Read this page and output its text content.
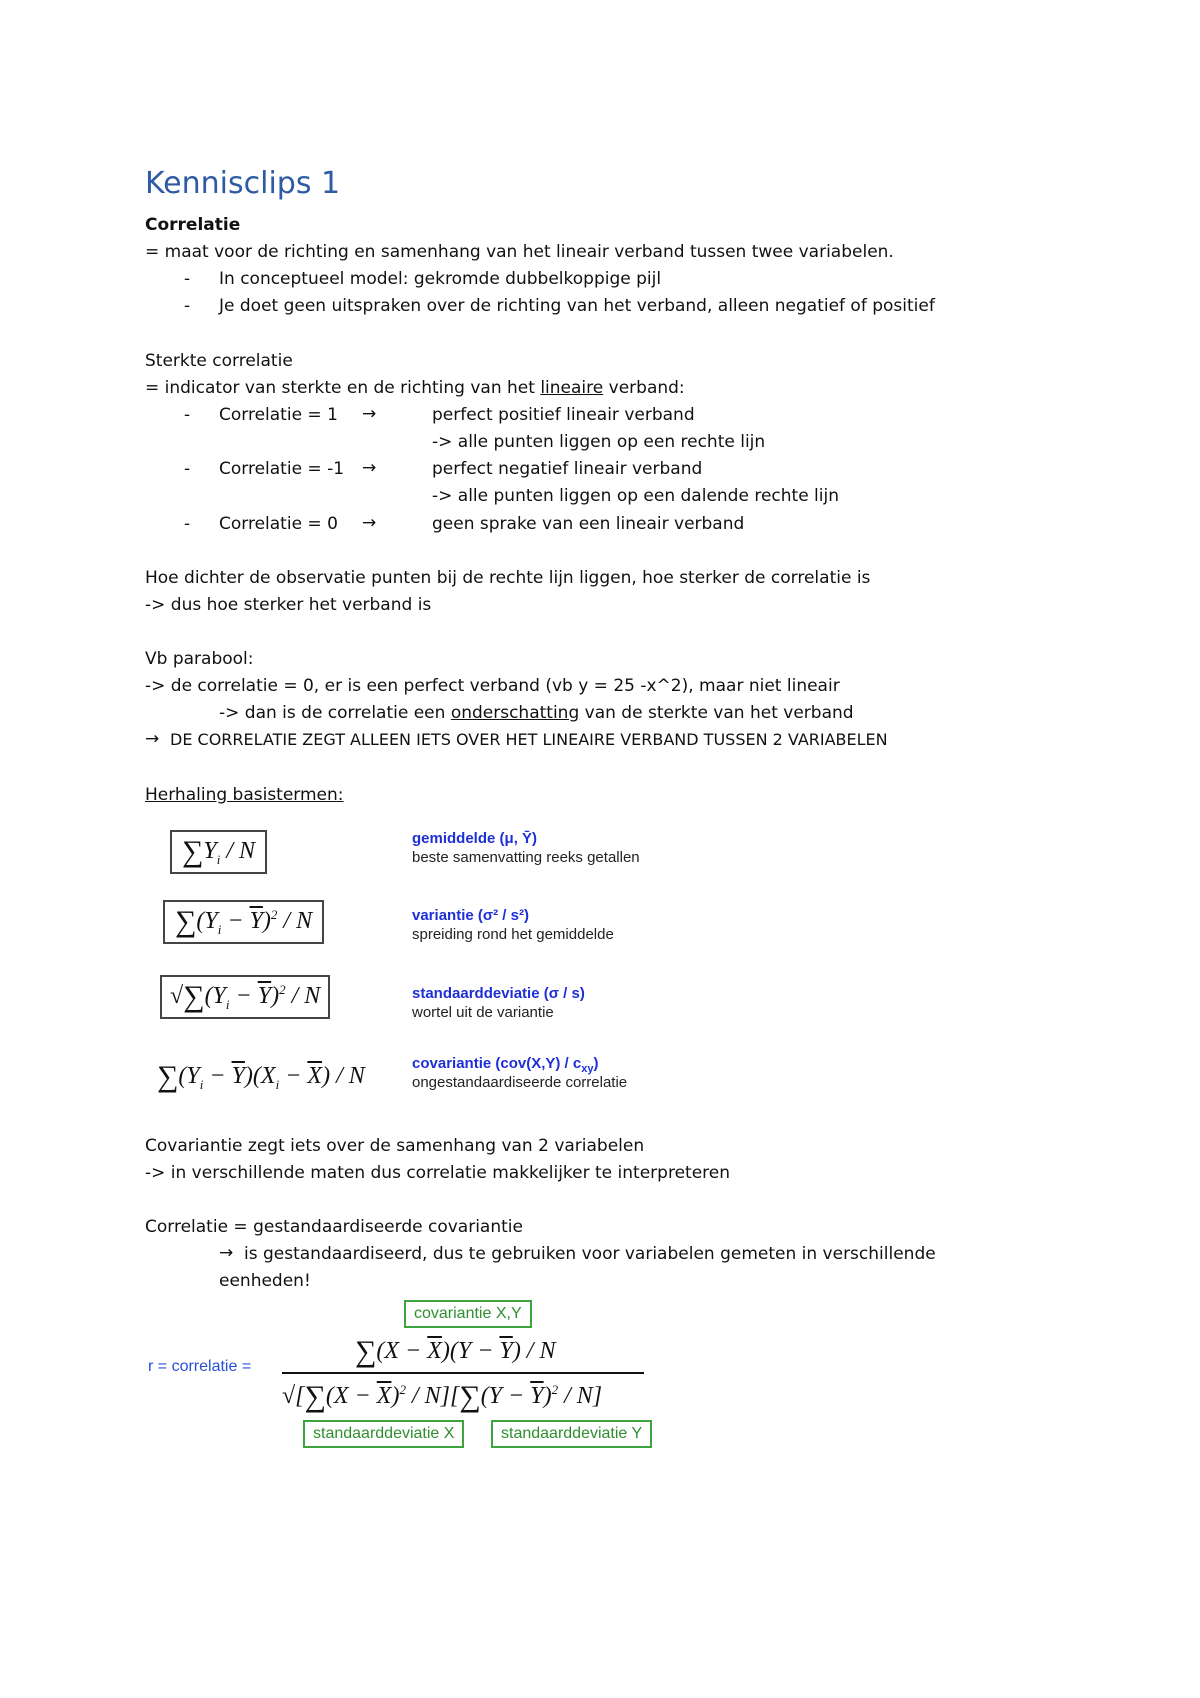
Kennisclips 1
Correlatie
= maat voor de richting en samenhang van het lineair verband tussen twee variabelen.
- In conceptueel model: gekromde dubbelkoppige pijl
- Je doet geen uitspraken over de richting van het verband, alleen negatief of positief
Sterkte correlatie
= indicator van sterkte en de richting van het lineaire verband:
- Correlatie = 1 →	perfect positief lineair verband
-> alle punten liggen op een rechte lijn
- Correlatie = -1 →	perfect negatief lineair verband
-> alle punten liggen op een dalende rechte lijn
- Correlatie = 0 →	geen sprake van een lineair verband
Hoe dichter de observatie punten bij de rechte lijn liggen, hoe sterker de correlatie is
-> dus hoe sterker het verband is
Vb parabool:
-> de correlatie = 0, er is een perfect verband (vb y = 25 -x^2), maar niet lineair
-> dan is de correlatie een onderschatting van de sterkte van het verband
→ DE CORRELATIE ZEGT ALLEEN IETS OVER HET LINEAIRE VERBAND TUSSEN 2 VARIABELEN
Herhaling basistermen:
$\sum Y_i$ / N	gemiddelde (μ, Ȳ)
beste samenvatting reeks getallen
$\sum(Y_i - \overline{Y})^2 / N$	variantie (σ² / s²)
spreiding rond het gemiddelde
$√\sum(Y_i - \overline{Y})^2 / N$	standaarddeviatie (σ / s)
wortel uit de variantie
$\sum(Y_i - \overline{Y})(X_i - \overline{X}) / N$	covariantie $(cov(X,Y) / c_{xy})$
ongestandaardiseerde correlatie
Covariantie zegt iets over de samenhang van 2 variabelen
-> in verschillende maten dus correlatie makkelijker te interpreteren
Correlatie = gestandaardiseerde covariantie
→ is gestandaardiseerd, dus te gebruiken voor variabelen gemeten in verschillende
eenheden!
covariantie X,Y
r = correlatie =	$\sum(X - \overline{X})(Y - \overline{Y}) / N$
$√[\sum(X - \overline{X})^2 / N][\sum(Y - \overline{Y})^2 / N]$
standaarddeviatie X	standaarddeviatie Y
